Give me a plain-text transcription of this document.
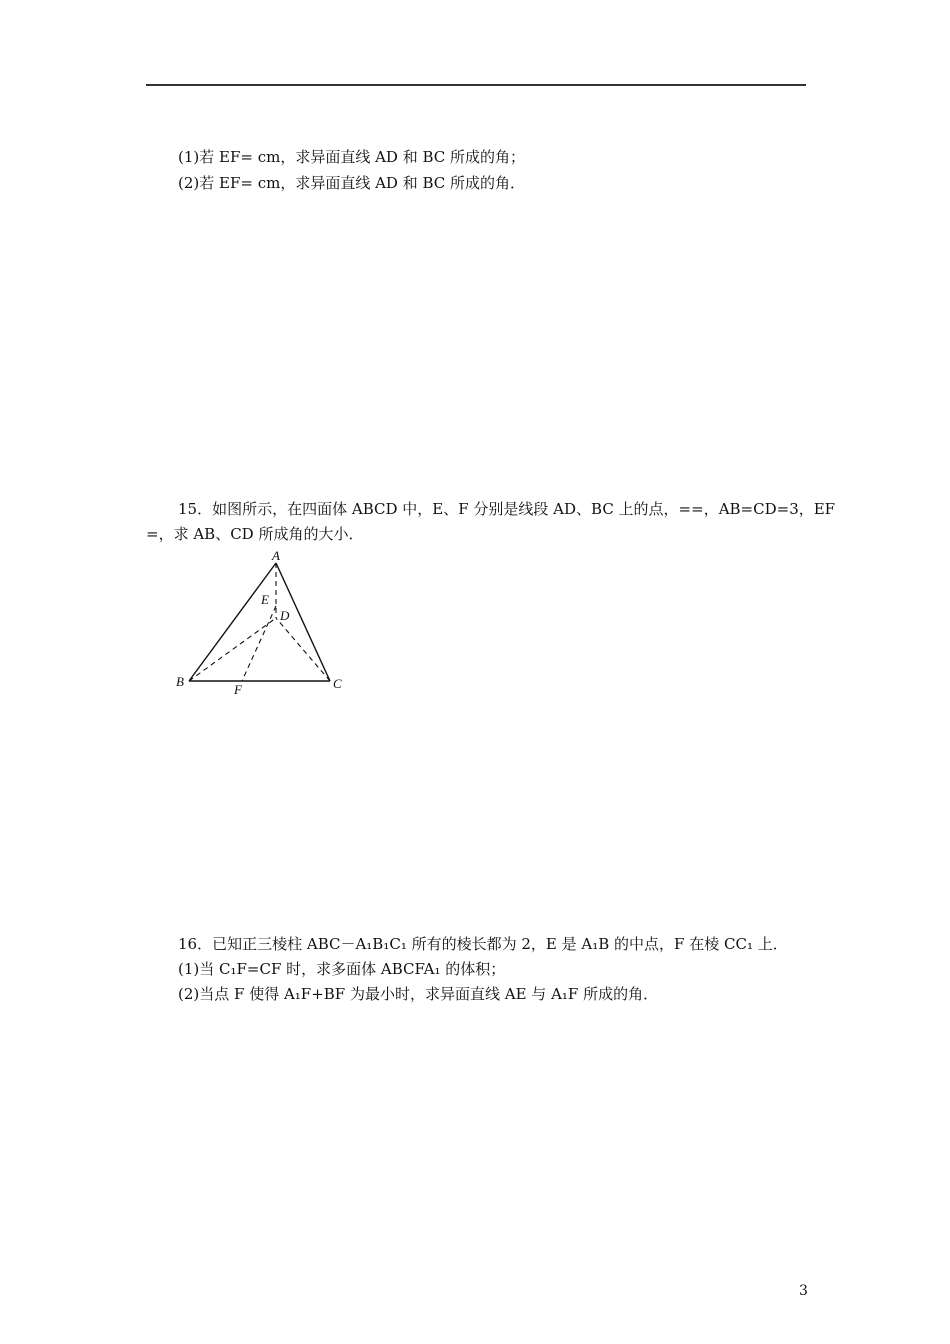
(1)若 EF= cm，求异面直线 AD 和 BC 所成的角；
(2)若 EF= cm，求异面直线 AD 和 BC 所成的角．
15．如图所示，在四面体 ABCD 中，E、F 分别是线段 AD、BC 上的点，==，AB=CD=3，EF
=，求 AB、CD 所成角的大小．
A
B	C
D
E
F
16．已知正三棱柱 ABC－A₁B₁C₁ 所有的棱长都为 2，E 是 A₁B 的中点，F 在棱 CC₁ 上．
(1)当 C₁F=CF 时，求多面体 ABCFA₁ 的体积；
(2)当点 F 使得 A₁F+BF 为最小时，求异面直线 AE 与 A₁F 所成的角．
3
